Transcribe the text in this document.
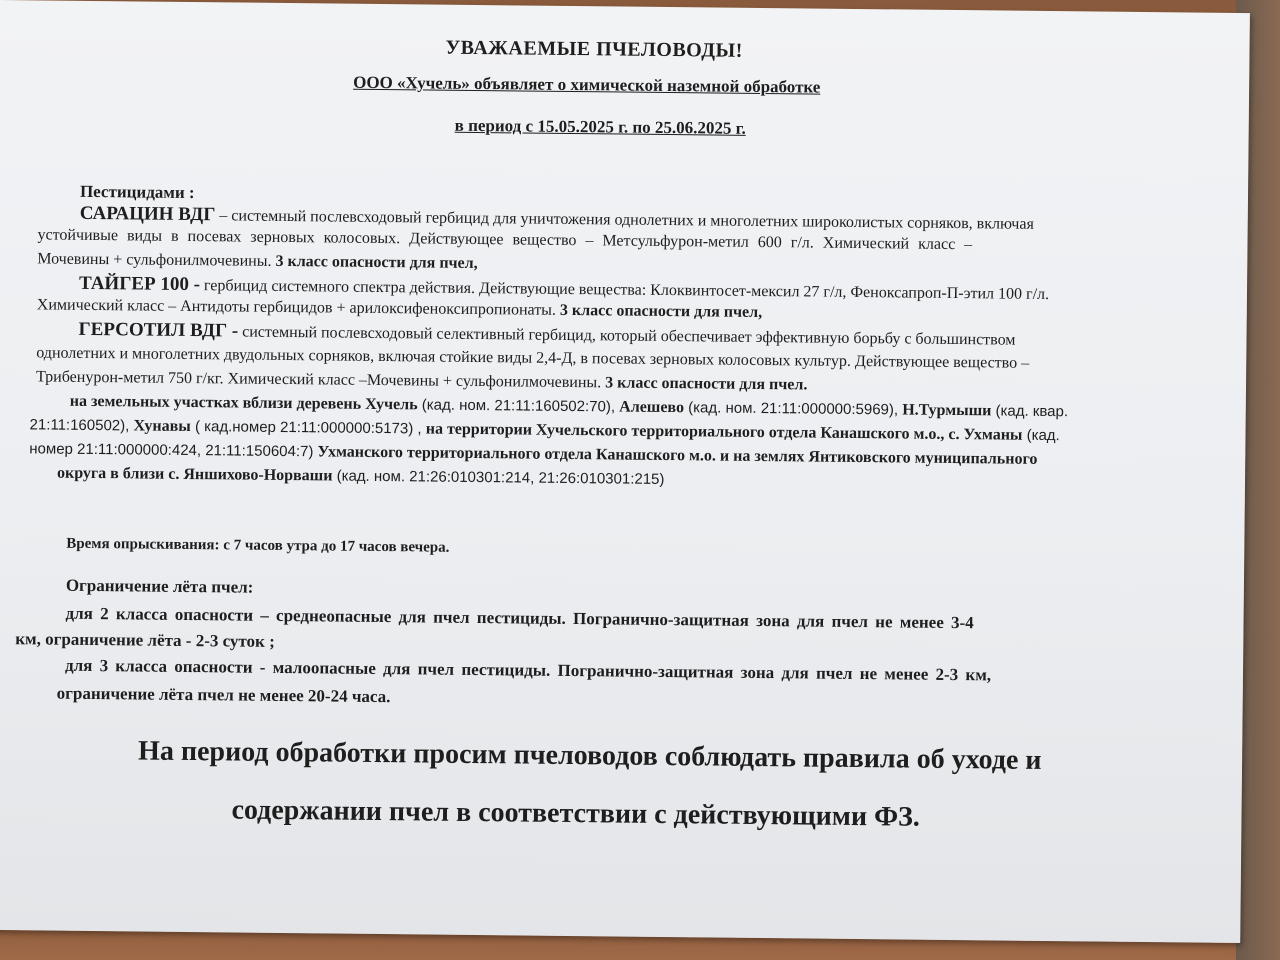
УВАЖАЕМЫЕ ПЧЕЛОВОДЫ!
ООО «Хучель» объявляет о химической наземной обработке
в период с 15.05.2025 г. по 25.06.2025 г.
Пестицидами :
САРАЦИН ВДГ – системный послевсходовый гербицид для уничтожения однолетних и многолетних широколистых сорняков, включая
устойчивые виды в посевах зерновых колосовых. Действующее вещество – Метсульфурон-метил 600 г/л. Химический класс –
Мочевины + сульфонилмочевины. 3 класс опасности для пчел,
ТАЙГЕР 100 - гербицид системного спектра действия. Действующие вещества: Клоквинтосет-мексил 27 г/л, Феноксапроп-П-этил 100 г/л.
Химический класс – Антидоты гербицидов + арилоксифеноксипропионаты. 3 класс опасности для пчел,
ГЕРСОТИЛ ВДГ - системный послевсходовый селективный гербицид, который обеспечивает эффективную борьбу с большинством
однолетних и многолетних двудольных сорняков, включая стойкие виды 2,4-Д, в посевах зерновых колосовых культур. Действующее вещество –
Трибенурон-метил 750 г/кг. Химический класс –Мочевины + сульфонилмочевины. 3 класс опасности для пчел.
на земельных участках вблизи деревень Хучель (кад. ном. 21:11:160502:70), Алешево (кад. ном. 21:11:000000:5969), Н.Турмыши (кад. квар.
21:11:160502), Хунавы ( кад.номер 21:11:000000:5173) , на территории Хучельского территориального отдела Канашского м.о., с. Ухманы (кад.
номер 21:11:000000:424, 21:11:150604:7) Ухманского территориального отдела Канашского м.о. и на землях Янтиковского муниципального
округа в близи с. Яншихово-Норваши (кад. ном. 21:26:010301:214, 21:26:010301:215)
Время опрыскивания: с 7 часов утра до 17 часов вечера.
Ограничение лёта пчел:
для 2 класса опасности – среднеопасные для пчел пестициды. Погранично-защитная зона для пчел не менее 3-4
км, ограничение лёта - 2-3 суток ;
для 3 класса опасности - малоопасные для пчел пестициды. Погранично-защитная зона для пчел не менее 2-3 км,
ограничение лёта пчел не менее 20-24 часа.
На период обработки просим пчеловодов соблюдать правила об уходе и
содержании пчел в соответствии с действующими ФЗ.
